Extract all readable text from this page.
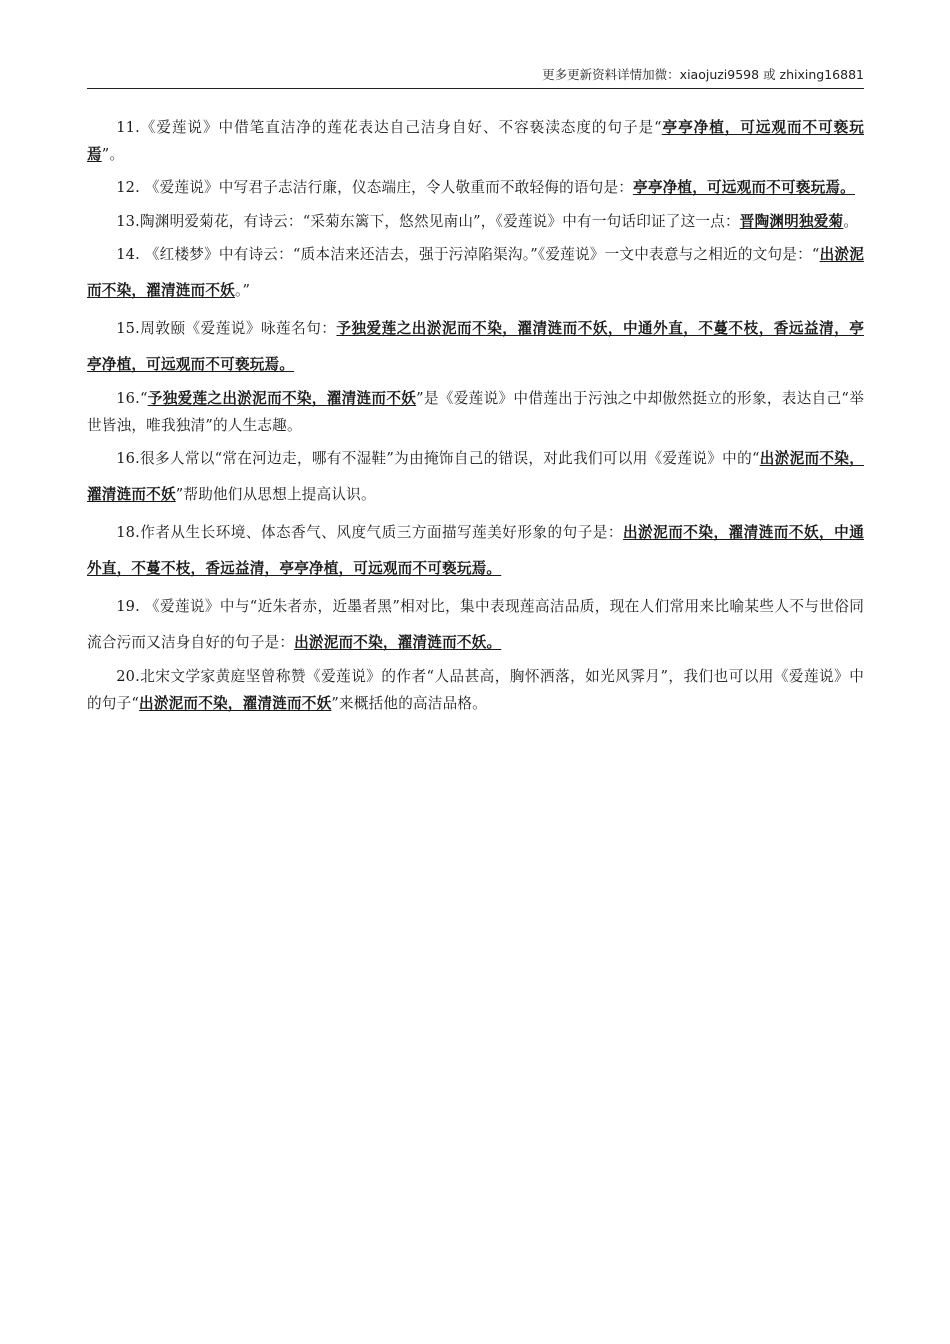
更多更新资料详情加微：xiaojuzi9598 或 zhixing16881

11.《爱莲说》中借笔直洁净的莲花表达自己洁身自好、不容亵渎态度的句子是“亭亭净植，可远观而不可亵玩焉”。

12. 《爱莲说》中写君子志洁行廉，仪态端庄，令人敬重而不敢轻侮的语句是：亭亭净植，可远观而不可亵玩焉。

13.陶渊明爱菊花，有诗云：“采菊东篱下，悠然见南山”，《爱莲说》中有一句话印证了这一点：晋陶渊明独爱菊。

14. 《红楼梦》中有诗云：“质本洁来还洁去，强于污淖陷渠沟。”《爱莲说》一文中表意与之相近的文句是：“出淤泥而不染，濯清涟而不妖。”

15.周敦颐《爱莲说》咏莲名句：予独爱莲之出淤泥而不染，濯清涟而不妖，中通外直，不蔓不枝，香远益清，亭亭净植，可远观而不可亵玩焉。

16.“予独爱莲之出淤泥而不染，濯清涟而不妖”是《爱莲说》中借莲出于污浊之中却傲然挺立的形象，表达自己“举世皆浊，唯我独清”的人生志趣。

16.很多人常以“常在河边走，哪有不湿鞋”为由掩饰自己的错误，对此我们可以用《爱莲说》中的“出淤泥而不染，濯清涟而不妖”帮助他们从思想上提高认识。

18.作者从生长环境、体态香气、风度气质三方面描写莲美好形象的句子是：出淤泥而不染，濯清涟而不妖，中通外直，不蔓不枝，香远益清，亭亭净植，可远观而不可亵玩焉。

19. 《爱莲说》中与“近朱者赤，近墨者黑”相对比，集中表现莲高洁品质，现在人们常用来比喻某些人不与世俗同流合污而又洁身自好的句子是：出淤泥而不染，濯清涟而不妖。

20.北宋文学家黄庭坚曾称赞《爱莲说》的作者“人品甚高，胸怀洒落，如光风霁月”，我们也可以用《爱莲说》中的句子“出淤泥而不染，濯清涟而不妖”来概括他的高洁品格。
